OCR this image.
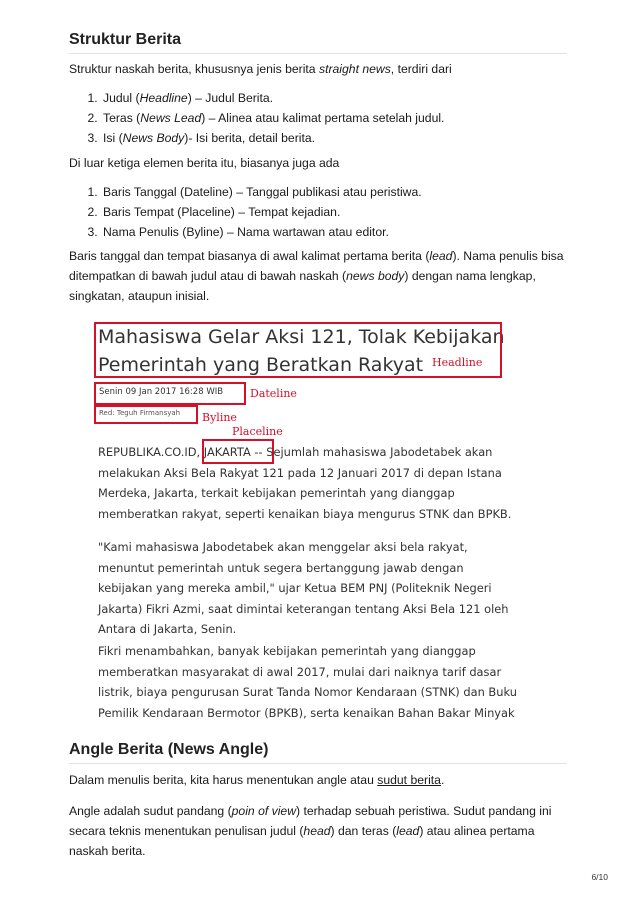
Struktur Berita

Struktur naskah berita, khususnya jenis berita straight news, terdiri dari

1. Judul (Headline) – Judul Berita.
2. Teras (News Lead) – Alinea atau kalimat pertama setelah judul.
3. Isi (News Body)- Isi berita, detail berita.

Di luar ketiga elemen berita itu, biasanya juga ada

1. Baris Tanggal (Dateline) – Tanggal publikasi atau peristiwa.
2. Baris Tempat (Placeline) – Tempat kejadian.
3. Nama Penulis (Byline) – Nama wartawan atau editor.

Baris tanggal dan tempat biasanya di awal kalimat pertama berita (lead). Nama penulis bisa ditempatkan di bawah judul atau di bawah naskah (news body) dengan nama lengkap, singkatan, ataupun inisial.

Angle Berita (News Angle)

Dalam menulis berita, kita harus menentukan angle atau sudut berita.

Angle adalah sudut pandang (poin of view) terhadap sebuah peristiwa. Sudut pandang ini secara teknis menentukan penulisan judul (head) dan teras (lead) atau alinea pertama naskah berita.

Mahasiswa Gelar Aksi 121, Tolak Kebijakan
Pemerintah yang Beratkan Rakyat Headline
Senin 09 Jan 2017 16:28 WIB Dateline
Red: Teguh Firmansyah Byline
Placeline
REPUBLIKA.CO.ID, JAKARTA -- Sejumlah mahasiswa Jabodetabek akan melakukan Aksi Bela Rakyat 121 pada 12 Januari 2017 di depan Istana Merdeka, Jakarta, terkait kebijakan pemerintah yang dianggap memberatkan rakyat, seperti kenaikan biaya mengurus STNK dan BPKB.
"Kami mahasiswa Jabodetabek akan menggelar aksi bela rakyat, menuntut pemerintah untuk segera bertanggung jawab dengan kebijakan yang mereka ambil," ujar Ketua BEM PNJ (Politeknik Negeri Jakarta) Fikri Azmi, saat dimintai keterangan tentang Aksi Bela 121 oleh Antara di Jakarta, Senin.
Fikri menambahkan, banyak kebijakan pemerintah yang dianggap memberatkan masyarakat di awal 2017, mulai dari naiknya tarif dasar listrik, biaya pengurusan Surat Tanda Nomor Kendaraan (STNK) dan Buku Pemilik Kendaraan Bermotor (BPKB), serta kenaikan Bahan Bakar Minyak
6/10
